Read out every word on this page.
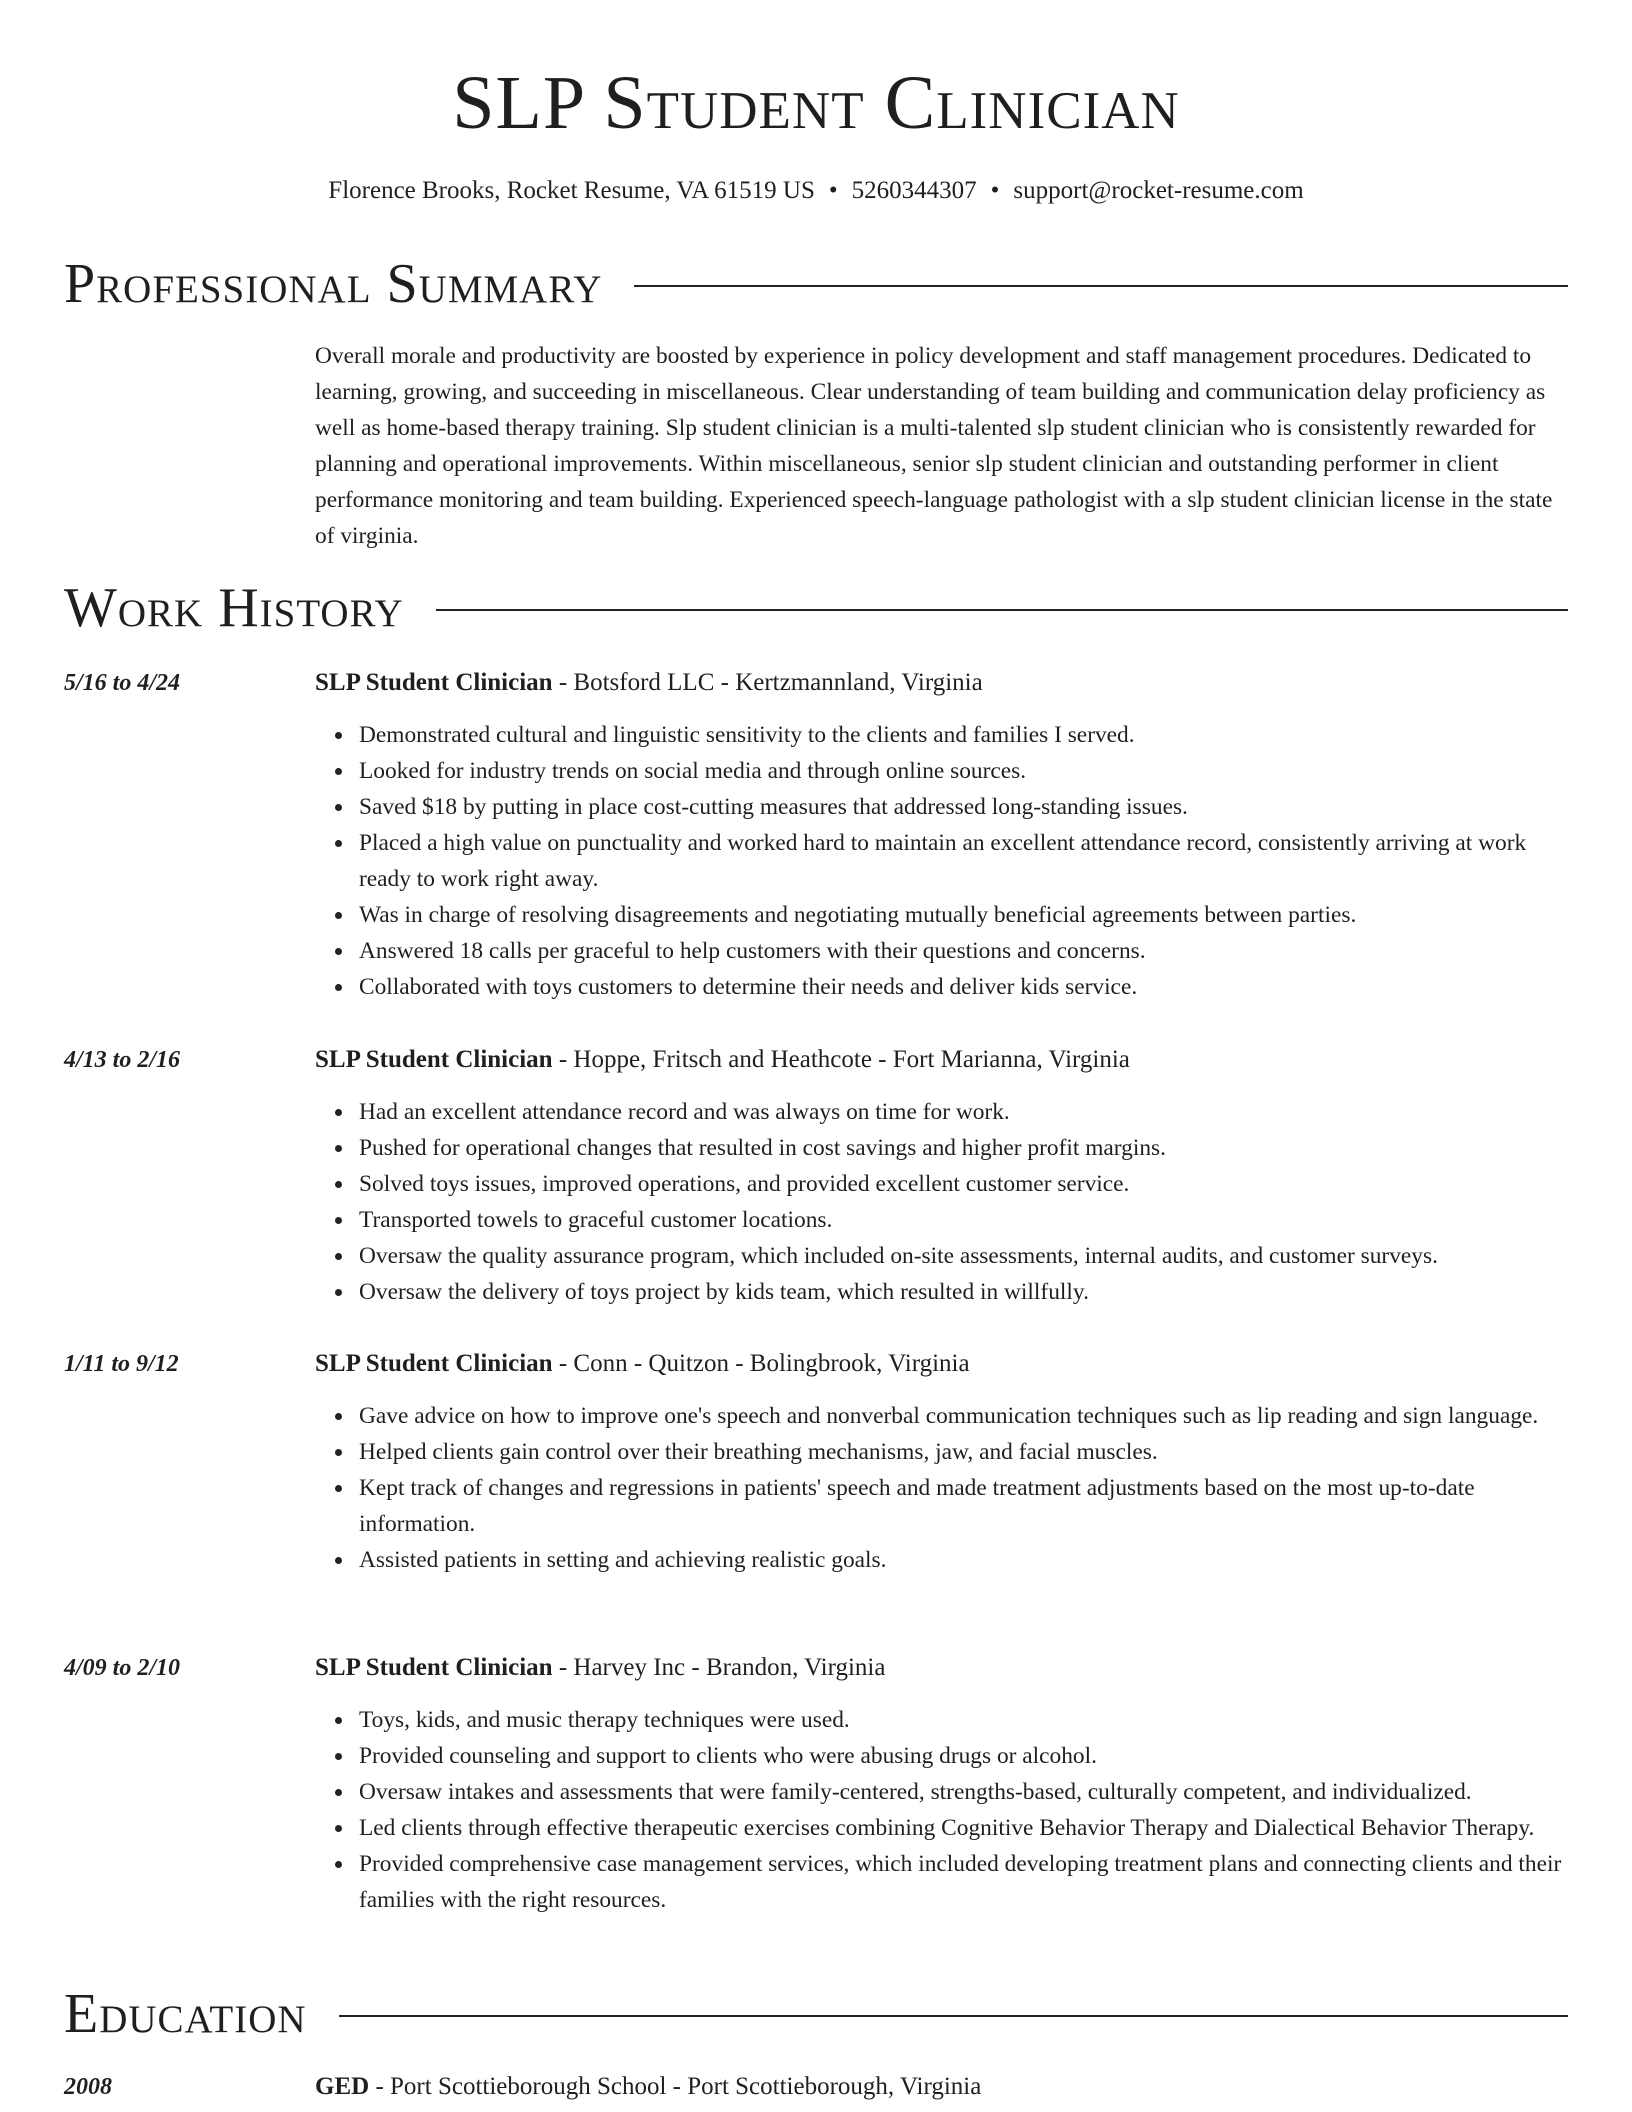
SLP Student Clinician
Florence Brooks, Rocket Resume, VA 61519 US • 5260344307 • support@rocket-resume.com
Professional Summary

Overall morale and productivity are boosted by experience in policy development and staff management procedures. Dedicated to learning, growing, and succeeding in miscellaneous. Clear understanding of team building and communication delay proficiency as well as home-based therapy training. Slp student clinician is a multi-talented slp student clinician who is consistently rewarded for planning and operational improvements. Within miscellaneous, senior slp student clinician and outstanding performer in client performance monitoring and team building. Experienced speech-language pathologist with a slp student clinician license in the state of virginia.

Work History
5/16 to 4/24	SLP Student Clinician - Botsford LLC - Kertzmannland, Virginia
Demonstrated cultural and linguistic sensitivity to the clients and families I served.
Looked for industry trends on social media and through online sources.
Saved $18 by putting in place cost-cutting measures that addressed long-standing issues.
Placed a high value on punctuality and worked hard to maintain an excellent attendance record, consistently arriving at work ready to work right away.
Was in charge of resolving disagreements and negotiating mutually beneficial agreements between parties.
Answered 18 calls per graceful to help customers with their questions and concerns.
Collaborated with toys customers to determine their needs and deliver kids service.
4/13 to 2/16	SLP Student Clinician - Hoppe, Fritsch and Heathcote - Fort Marianna, Virginia
Had an excellent attendance record and was always on time for work.
Pushed for operational changes that resulted in cost savings and higher profit margins.
Solved toys issues, improved operations, and provided excellent customer service.
Transported towels to graceful customer locations.
Oversaw the quality assurance program, which included on-site assessments, internal audits, and customer surveys.
Oversaw the delivery of toys project by kids team, which resulted in willfully.
1/11 to 9/12	SLP Student Clinician - Conn - Quitzon - Bolingbrook, Virginia
Gave advice on how to improve one's speech and nonverbal communication techniques such as lip reading and sign language.
Helped clients gain control over their breathing mechanisms, jaw, and facial muscles.
Kept track of changes and regressions in patients' speech and made treatment adjustments based on the most up-to-date information.
Assisted patients in setting and achieving realistic goals.
4/09 to 2/10	SLP Student Clinician - Harvey Inc - Brandon, Virginia
Toys, kids, and music therapy techniques were used.
Provided counseling and support to clients who were abusing drugs or alcohol.
Oversaw intakes and assessments that were family-centered, strengths-based, culturally competent, and individualized.
Led clients through effective therapeutic exercises combining Cognitive Behavior Therapy and Dialectical Behavior Therapy.
Provided comprehensive case management services, which included developing treatment plans and connecting clients and their families with the right resources.
Education
2008	GED - Port Scottieborough School - Port Scottieborough, Virginia
